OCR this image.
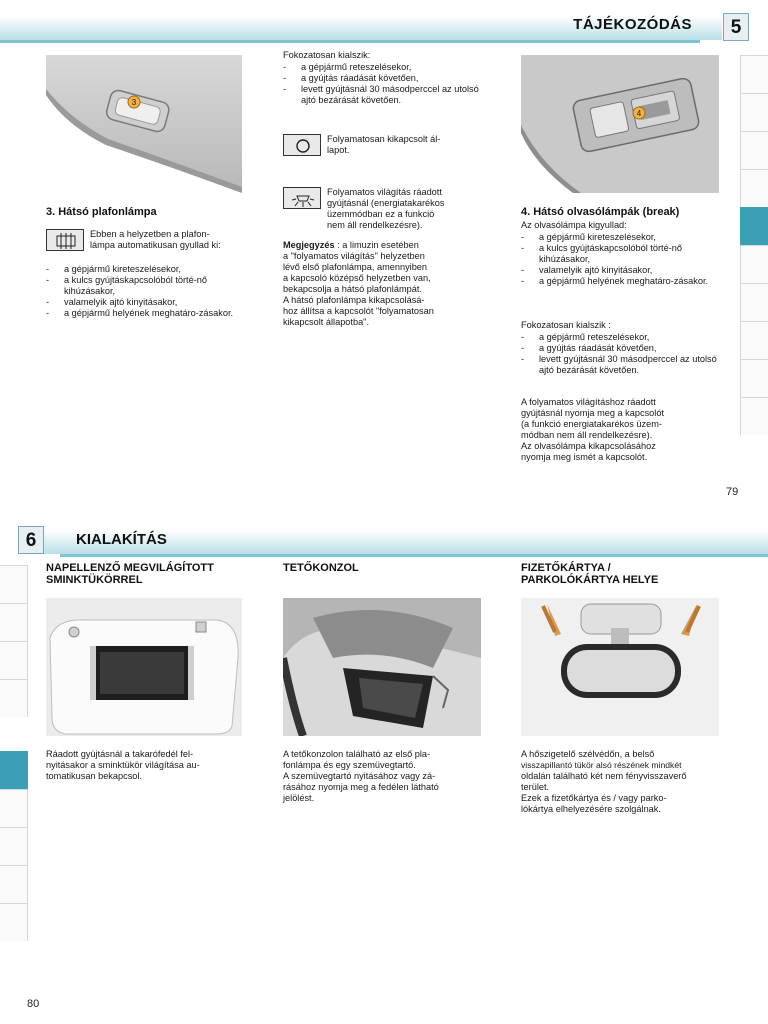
TÁJÉKOZÓDÁS	5
3
3. Hátsó plafonlámpa

Ebben a helyzetben a plafon-

lámpa automatikusan gyullad ki:

- a gépjármű kireteszelésekor,
- a kulcs gyújtáskapcsolóból törté-nő kihúzásakor,
- valamelyik ajtó kinyitásakor,
- a gépjármű helyének meghatáro-zásakor.
Fokozatosan kialszik:
- a gépjármű reteszelésekor,
- a gyújtás ráadását követően,
- levett gyújtásnál 30 másodperccel az utolsó ajtó bezárását követően.

Folyamatosan kikapcsolt ál-

lapot.

Folyamatos világítás ráadott

gyújtásnál (energiatakarékos

üzemmódban ez a funkció

nem áll rendelkezésre).

Megjegyzés : a limuzin esetében

a "folyamatos világítás" helyzetben

lévő első plafonlámpa, amennyiben

a kapcsoló középső helyzetben van,

bekapcsolja a hátsó plafonlámpát.

A hátsó plafonlámpa kikapcsolásá-

hoz állítsa a kapcsolót "folyamatosan

kikapcsolt állapotba".

4
4. Hátsó olvasólámpák (break)
Az olvasólámpa kigyullad:
- a gépjármű kireteszelésekor,
- a kulcs gyújtáskapcsolóból törté-nő kihúzásakor,
- valamelyik ajtó kinyitásakor,
- a gépjármű helyének meghatáro-zásakor.
Fokozatosan kialszik :
- a gépjármű reteszelésekor,
- a gyújtás ráadását követően,
- levett gyújtásnál 30 másodperccel az utolsó ajtó bezárását követően.

A folyamatos világításhoz ráadott

gyújtásnál nyomja meg a kapcsolót

(a funkció energiatakarékos üzem-

módban nem áll rendelkezésre).

Az olvasólámpa kikapcsolásához

nyomja meg ismét a kapcsolót.

79
KIALAKÍTÁS
6
NAPELLENZŐ MEGVILÁGÍTOTT
SMINKTÜKÖRREL

Ráadott gyújtásnál a takarófedél fel-

nyitásakor a sminktükör világítása au-

tomatikusan bekapcsol.

TETŐKONZOL

A tetőkonzolon található az első pla-

fonlámpa és egy szemüvegtartó.

A szemüvegtartó nyitásához vagy zá-

rásához nyomja meg a fedélen látható

jelölést.

FIZETŐKÁRTYA /
PARKOLÓKÁRTYA HELYE

A hőszigetelő szélvédőn, a belső

visszapillantó tükör alsó részének mindkét

oldalán található két nem fényvisszaverő

terület.

Ezek a fizetőkártya és / vagy parko-

lókártya elhelyezésére szolgálnak.

80
